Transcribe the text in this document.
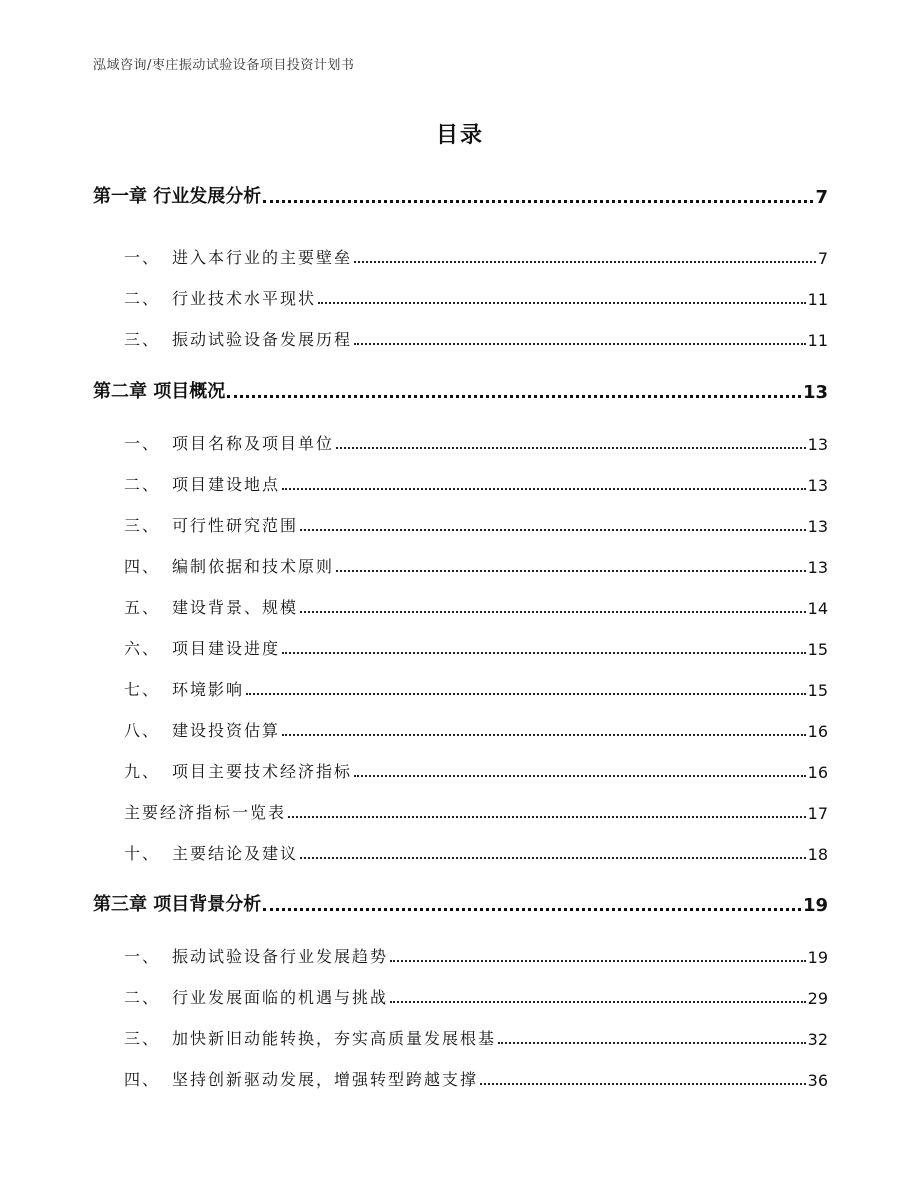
泓域咨询/枣庄振动试验设备项目投资计划书
目录
第一章 行业发展分析	7
一、 进入本行业的主要壁垒	7
二、 行业技术水平现状	11
三、 振动试验设备发展历程	11
第二章 项目概况	13
一、 项目名称及项目单位	13
二、 项目建设地点	13
三、 可行性研究范围	13
四、 编制依据和技术原则	13
五、 建设背景、规模	14
六、 项目建设进度	15
七、 环境影响	15
八、 建设投资估算	16
九、 项目主要技术经济指标	16
主要经济指标一览表	17
十、 主要结论及建议	18
第三章 项目背景分析	19
一、 振动试验设备行业发展趋势	19
二、 行业发展面临的机遇与挑战	29
三、 加快新旧动能转换，夯实高质量发展根基	32
四、 坚持创新驱动发展，增强转型跨越支撑	36
